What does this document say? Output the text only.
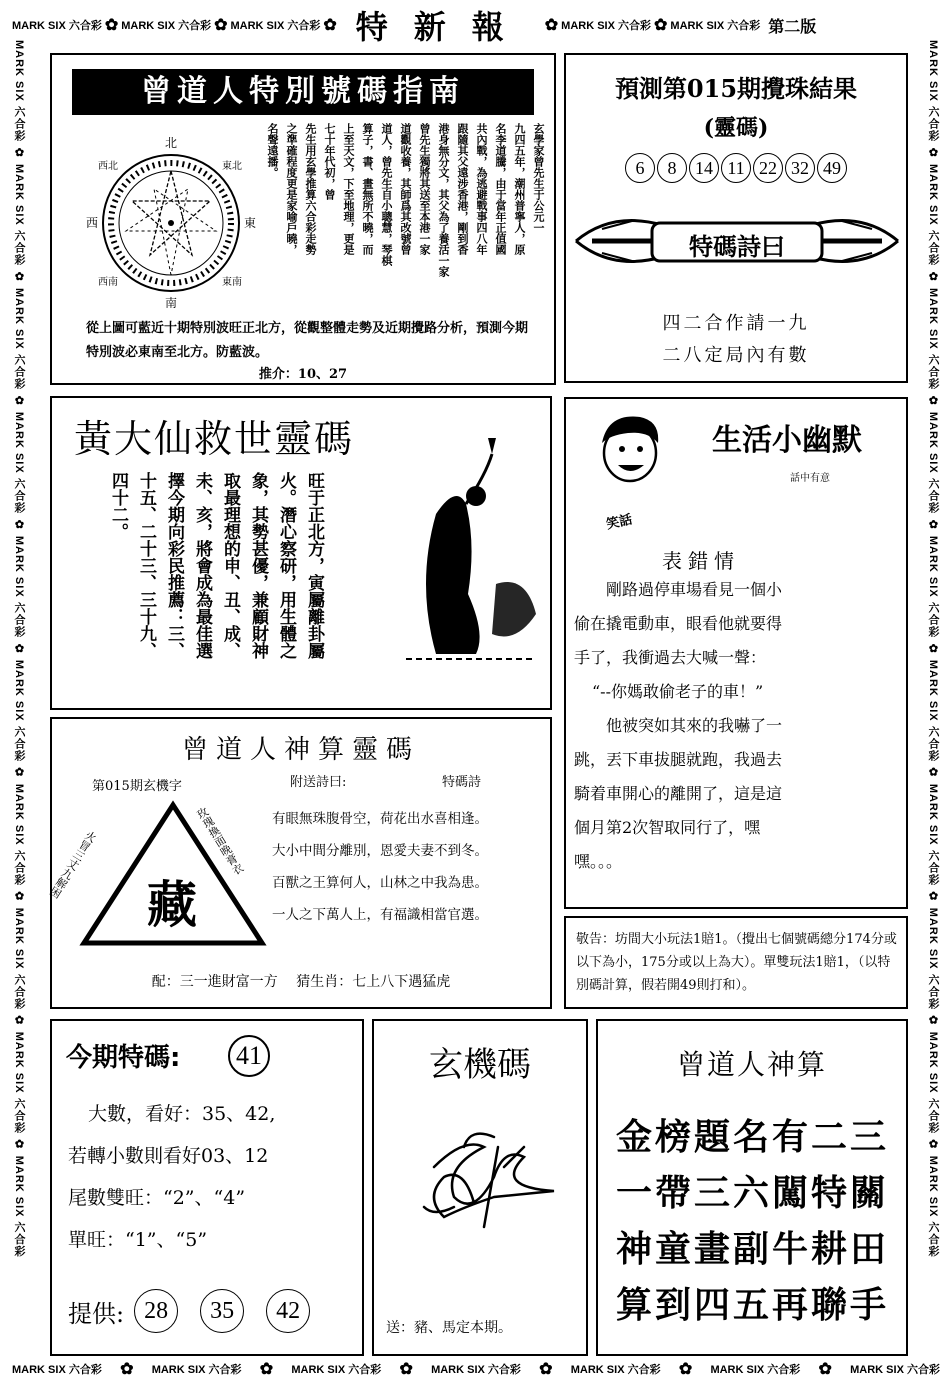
MARK SIX 六合彩 ✿ MARK SIX 六合彩 ✿ MARK SIX 六合彩 ✿ 特新報 ✿ MARK SIX 六合彩 ✿ MARK SIX 六合彩 第二版
MARK SIX 六合彩 ✿ MARK SIX 六合彩 ✿ MARK SIX 六合彩 ✿ MARK SIX 六合彩 ✿ MARK SIX 六合彩 ✿ MARK SIX 六合彩 ✿ MARK SIX 六合彩
MARK SIX 六合彩 ✿ MARK SIX 六合彩 ✿ MARK SIX 六合彩 ✿ MARK SIX 六合彩 ✿ MARK SIX 六合彩 ✿ MARK SIX 六合彩 ✿ MARK SIX 六合彩 ✿ MARK SIX 六合彩 ✿ MARK SIX 六合彩 ✿ MARK SIX 六合彩
MARK SIX 六合彩 ✿ MARK SIX 六合彩 ✿ MARK SIX 六合彩 ✿ MARK SIX 六合彩 ✿ MARK SIX 六合彩 ✿ MARK SIX 六合彩 ✿ MARK SIX 六合彩 ✿ MARK SIX 六合彩 ✿ MARK SIX 六合彩 ✿ MARK SIX 六合彩
曾道人特別號碼指南
北
東北
東
東南
南
西南
西
西北	玄學家曾先生于公元一
九四五年，潮州普寧人，原
名李道騰，由于當年正值國
共內戰，為逃避戰事四八年
跟隨其父遠涉香港，剛到香
港身無分文，其父為了養活一家
曾先生獨將其送至本港一家
道觀收養，其師爲其改號曾
道人，曾先生自小聰慧，琴棋
算子，書、畫無所不曉，而
上至天文，下至地理，更是
七十年代初，曾
先生用玄學推算六合彩走勢
之準確程度更是家喻戶曉，
名聲遠播。
從上圖可藍近十期特別波旺正北方，從觀整體走勢及近期攪路分析，預測今期特別波必東南至北方。防藍波。
推介：10、27
預測第015期攪珠結果
(靈碼)
6 8 14 11 22 32 49
特碼詩曰
四二合作請一九
二八定局內有數
黃大仙救世靈碼
旺于正北方，寅屬離卦屬
火。潛心察研，用生體之
象，其勢甚優，兼顧財神
取最理想的申、丑、成、
未、亥，將會成為最佳選
擇今期向彩民推薦：三、
十五、二十三、三十九、
四十二。	笑話
生活小幽默
話中有意
表錯情
　　剛路過停車場看見一個小
偷在撬電動車，眼看他就要得
手了，我衝過去大喊一聲：
“--你媽敢偷老子的車！”
　　他被突如其來的我嚇了一
跳，丟下車拔腿就跑，我過去
騎着車開心的離開了，這是這
個月第2次智取同行了，嘿
嘿。。。
曾道人神算靈碼
第015期玄機字	附送詩曰:	特碼詩
藏
火冒三丈九解困	玫瑰換面晚膏衣	有眼無珠腹骨空，荷花出水喜相逢。
大小中間分離別，恩愛夫妻不到冬。
百獸之王算何人，山林之中我為患。
一人之下萬人上，有福識相當官選。
配：三一進財富一方　 猜生肖：七上八下遇猛虎
敬告：坊間大小玩法1賠1。（攪出七個號碼總分174分或以下為小，175分或以上為大）。單雙玩法1賠1，（以特別碼計算，假若開49則打和）。
今期特碼:	41
大數，看好：35、42,
若轉小數則看好03、12
尾數雙旺：“2”、“4”
單旺：“1”、“5”
提供: 28	35	42
玄機碼
送：豬、馬定本期。
曾道人神算
金榜題名有二三
一帶三六闖特關
神童畫副牛耕田
算到四五再聯手
